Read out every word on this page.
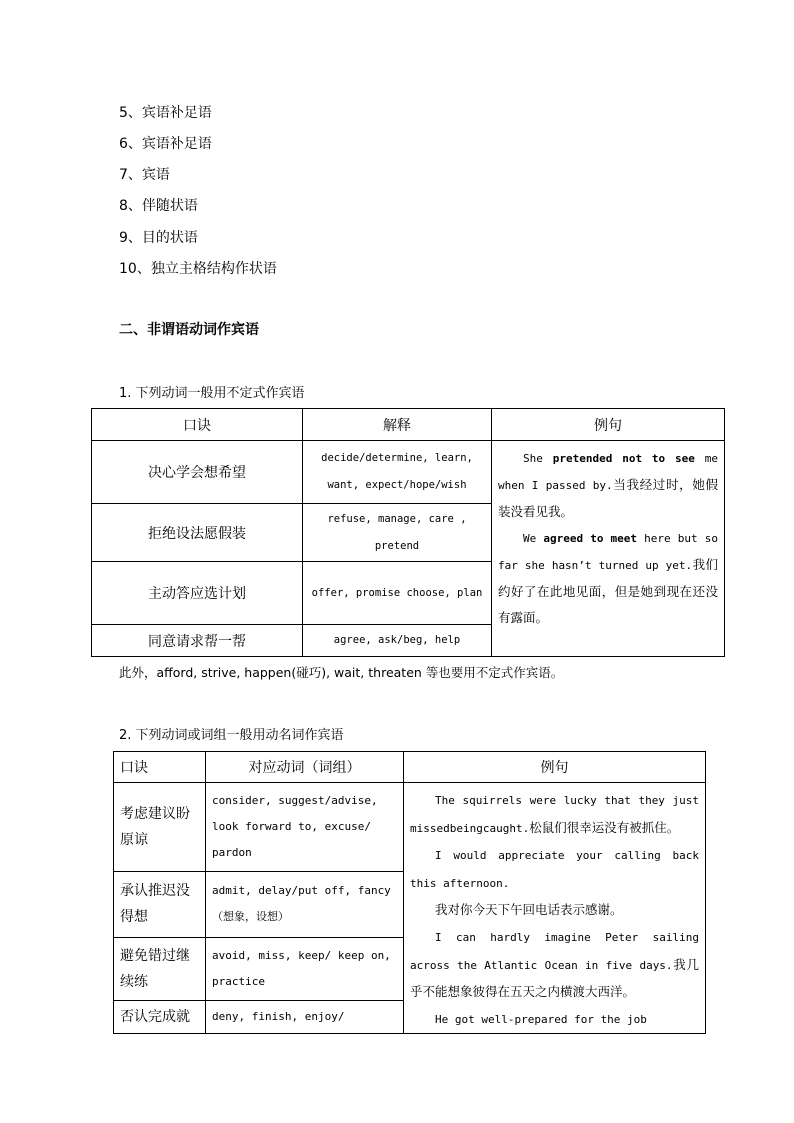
5、宾语补足语
6、宾语补足语
7、宾语
8、伴随状语
9、目的状语
10、独立主格结构作状语
二、非谓语动词作宾语
1. 下列动词一般用不定式作宾语
口诀	解释	例句
决心学会想希望	decide/determine, learn, want, expect/hope/wish	She pretended not to see me when I passed by.当我经过时，她假装没看见我。

We agreed to meet here but so far she hasn’t turned up yet.我们约好了在此地见面，但是她到现在还没有露面。

拒绝设法愿假装	refuse, manage, care , pretend	
主动答应选计划	offer, promise choose, plan	
同意请求帮一帮	agree, ask/beg, help	
此外，afford, strive, happen(碰巧), wait, threaten 等也要用不定式作宾语。
2. 下列动词或词组一般用动名词作宾语
口诀	对应动词（词组）	例句
考虑建议盼原谅	consider, suggest/advise, look forward to, excuse/ pardon	The squirrels were lucky that they just missedbeingcaught.松鼠们很幸运没有被抓住。

I would appreciate your calling back this afternoon.

我对你今天下午回电话表示感谢。

I can hardly imagine Peter sailing across the Atlantic Ocean in five days.我几乎不能想象彼得在五天之内横渡大西洋。

He got well-prepared for the job

承认推迟没得想	admit, delay/put off, fancy （想象，设想）	
避免错过继续练	avoid, miss, keep/ keep on, practice	
否认完成就	deny, finish, enjoy/	
